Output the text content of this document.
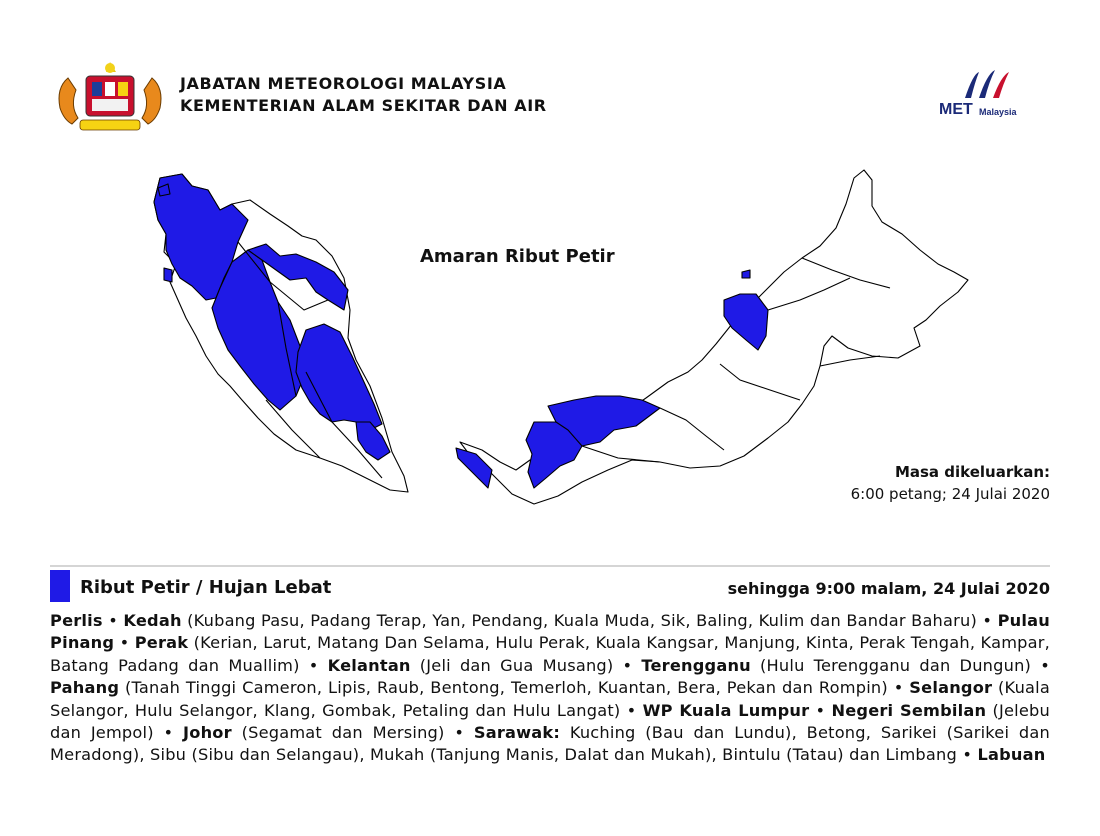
JABATAN METEOROLOGI MALAYSIA
KEMENTERIAN ALAM SEKITAR DAN AIR	MET Malaysia
Amaran Ribut Petir
Masa dikeluarkan:
6:00 petang; 24 Julai 2020
Ribut Petir / Hujan Lebat	sehingga 9:00 malam, 24 Julai 2020
Perlis • Kedah (Kubang Pasu, Padang Terap, Yan, Pendang, Kuala Muda, Sik, Baling, Kulim dan Bandar Baharu) • Pulau Pinang • Perak (Kerian, Larut, Matang Dan Selama, Hulu Perak, Kuala Kangsar, Manjung, Kinta, Perak Tengah, Kampar, Batang Padang dan Muallim) • Kelantan (Jeli dan Gua Musang) • Terengganu (Hulu Terengganu dan Dungun) • Pahang (Tanah Tinggi Cameron, Lipis, Raub, Bentong, Temerloh, Kuantan, Bera, Pekan dan Rompin) • Selangor (Kuala Selangor, Hulu Selangor, Klang, Gombak, Petaling dan Hulu Langat) • WP Kuala Lumpur • Negeri Sembilan (Jelebu dan Jempol) • Johor (Segamat dan Mersing) • Sarawak: Kuching (Bau dan Lundu), Betong, Sarikei (Sarikei dan Meradong), Sibu (Sibu dan Selangau), Mukah (Tanjung Manis, Dalat dan Mukah), Bintulu (Tatau) dan Limbang • Labuan
